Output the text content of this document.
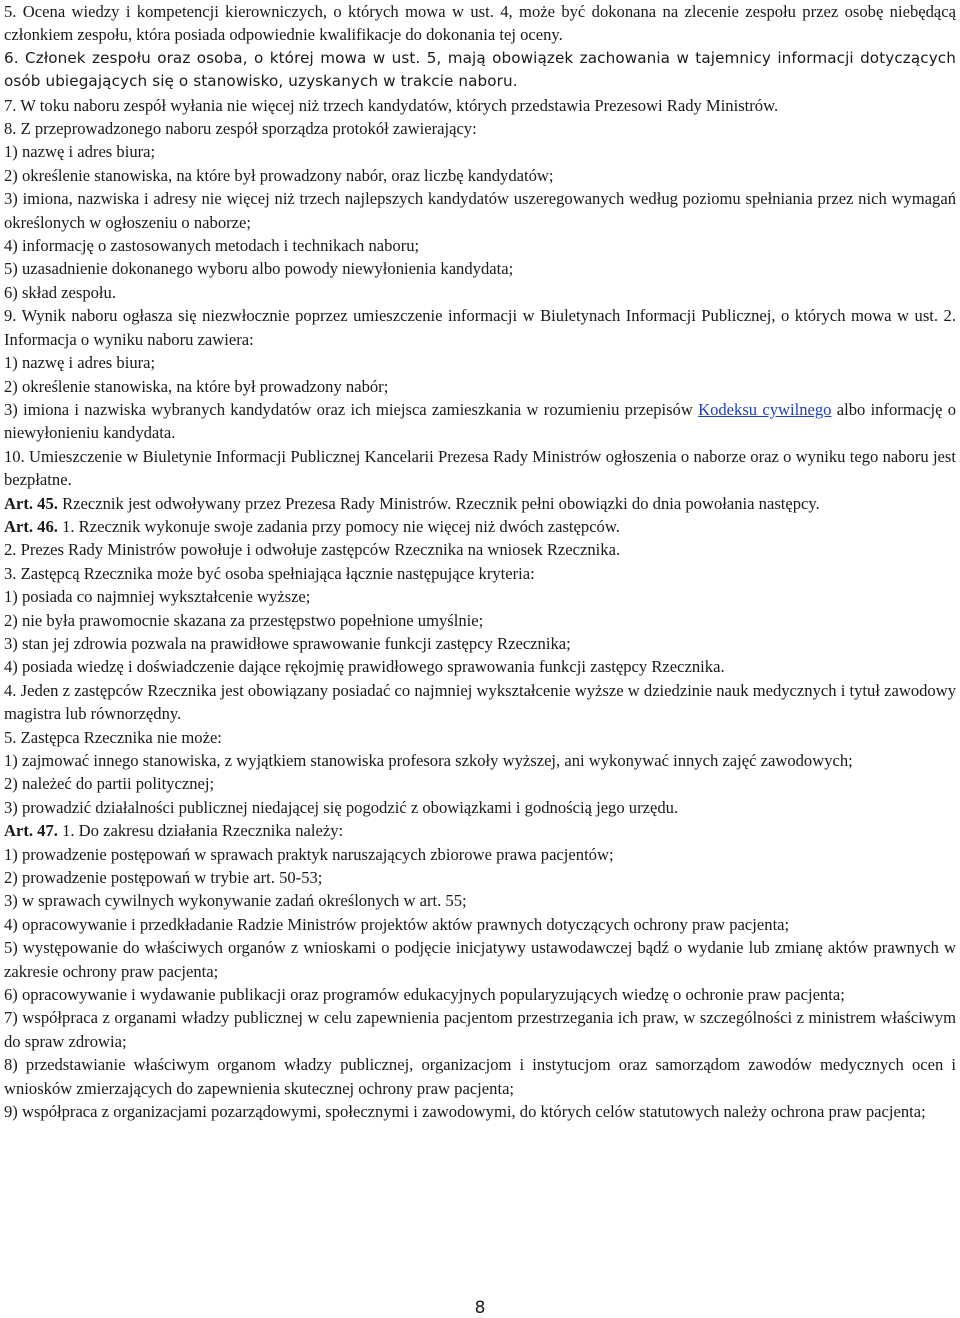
5. Ocena wiedzy i kompetencji kierowniczych, o których mowa w ust. 4, może być dokonana na zlecenie zespołu przez osobę niebędącą członkiem zespołu, która posiada odpowiednie kwalifikacje do dokonania tej oceny.

6. Członek zespołu oraz osoba, o której mowa w ust. 5, mają obowiązek zachowania w tajemnicy informacji dotyczących osób ubiegających się o stanowisko, uzyskanych w trakcie naboru.

7. W toku naboru zespół wyłania nie więcej niż trzech kandydatów, których przedstawia Prezesowi Rady Ministrów.

8. Z przeprowadzonego naboru zespół sporządza protokół zawierający:

1) nazwę i adres biura;

2) określenie stanowiska, na które był prowadzony nabór, oraz liczbę kandydatów;

3) imiona, nazwiska i adresy nie więcej niż trzech najlepszych kandydatów uszeregowanych według poziomu spełniania przez nich wymagań określonych w ogłoszeniu o naborze;

4) informację o zastosowanych metodach i technikach naboru;

5) uzasadnienie dokonanego wyboru albo powody niewyłonienia kandydata;

6) skład zespołu.

9. Wynik naboru ogłasza się niezwłocznie poprzez umieszczenie informacji w Biuletynach Informacji Publicznej, o których mowa w ust. 2. Informacja o wyniku naboru zawiera:

1) nazwę i adres biura;

2) określenie stanowiska, na które był prowadzony nabór;

3) imiona i nazwiska wybranych kandydatów oraz ich miejsca zamieszkania w rozumieniu przepisów Kodeksu cywilnego albo informację o niewyłonieniu kandydata.

10. Umieszczenie w Biuletynie Informacji Publicznej Kancelarii Prezesa Rady Ministrów ogłoszenia o naborze oraz o wyniku tego naboru jest bezpłatne.

Art. 45. Rzecznik jest odwoływany przez Prezesa Rady Ministrów. Rzecznik pełni obowiązki do dnia powołania następcy.

Art. 46. 1. Rzecznik wykonuje swoje zadania przy pomocy nie więcej niż dwóch zastępców.

2. Prezes Rady Ministrów powołuje i odwołuje zastępców Rzecznika na wniosek Rzecznika.

3. Zastępcą Rzecznika może być osoba spełniająca łącznie następujące kryteria:

1) posiada co najmniej wykształcenie wyższe;

2) nie była prawomocnie skazana za przestępstwo popełnione umyślnie;

3) stan jej zdrowia pozwala na prawidłowe sprawowanie funkcji zastępcy Rzecznika;

4) posiada wiedzę i doświadczenie dające rękojmię prawidłowego sprawowania funkcji zastępcy Rzecznika.

4. Jeden z zastępców Rzecznika jest obowiązany posiadać co najmniej wykształcenie wyższe w dziedzinie nauk medycznych i tytuł zawodowy magistra lub równorzędny.

5. Zastępca Rzecznika nie może:

1) zajmować innego stanowiska, z wyjątkiem stanowiska profesora szkoły wyższej, ani wykonywać innych zajęć zawodowych;

2) należeć do partii politycznej;

3) prowadzić działalności publicznej niedającej się pogodzić z obowiązkami i godnością jego urzędu.

Art. 47. 1. Do zakresu działania Rzecznika należy:

1) prowadzenie postępowań w sprawach praktyk naruszających zbiorowe prawa pacjentów;

2) prowadzenie postępowań w trybie art. 50-53;

3) w sprawach cywilnych wykonywanie zadań określonych w art. 55;

4) opracowywanie i przedkładanie Radzie Ministrów projektów aktów prawnych dotyczących ochrony praw pacjenta;

5) występowanie do właściwych organów z wnioskami o podjęcie inicjatywy ustawodawczej bądź o wydanie lub zmianę aktów prawnych w zakresie ochrony praw pacjenta;

6) opracowywanie i wydawanie publikacji oraz programów edukacyjnych popularyzujących wiedzę o ochronie praw pacjenta;

7) współpraca z organami władzy publicznej w celu zapewnienia pacjentom przestrzegania ich praw, w szczególności z ministrem właściwym do spraw zdrowia;

8) przedstawianie właściwym organom władzy publicznej, organizacjom i instytucjom oraz samorządom zawodów medycznych ocen i wniosków zmierzających do zapewnienia skutecznej ochrony praw pacjenta;

9) współpraca z organizacjami pozarządowymi, społecznymi i zawodowymi, do których celów statutowych należy ochrona praw pacjenta;

8
